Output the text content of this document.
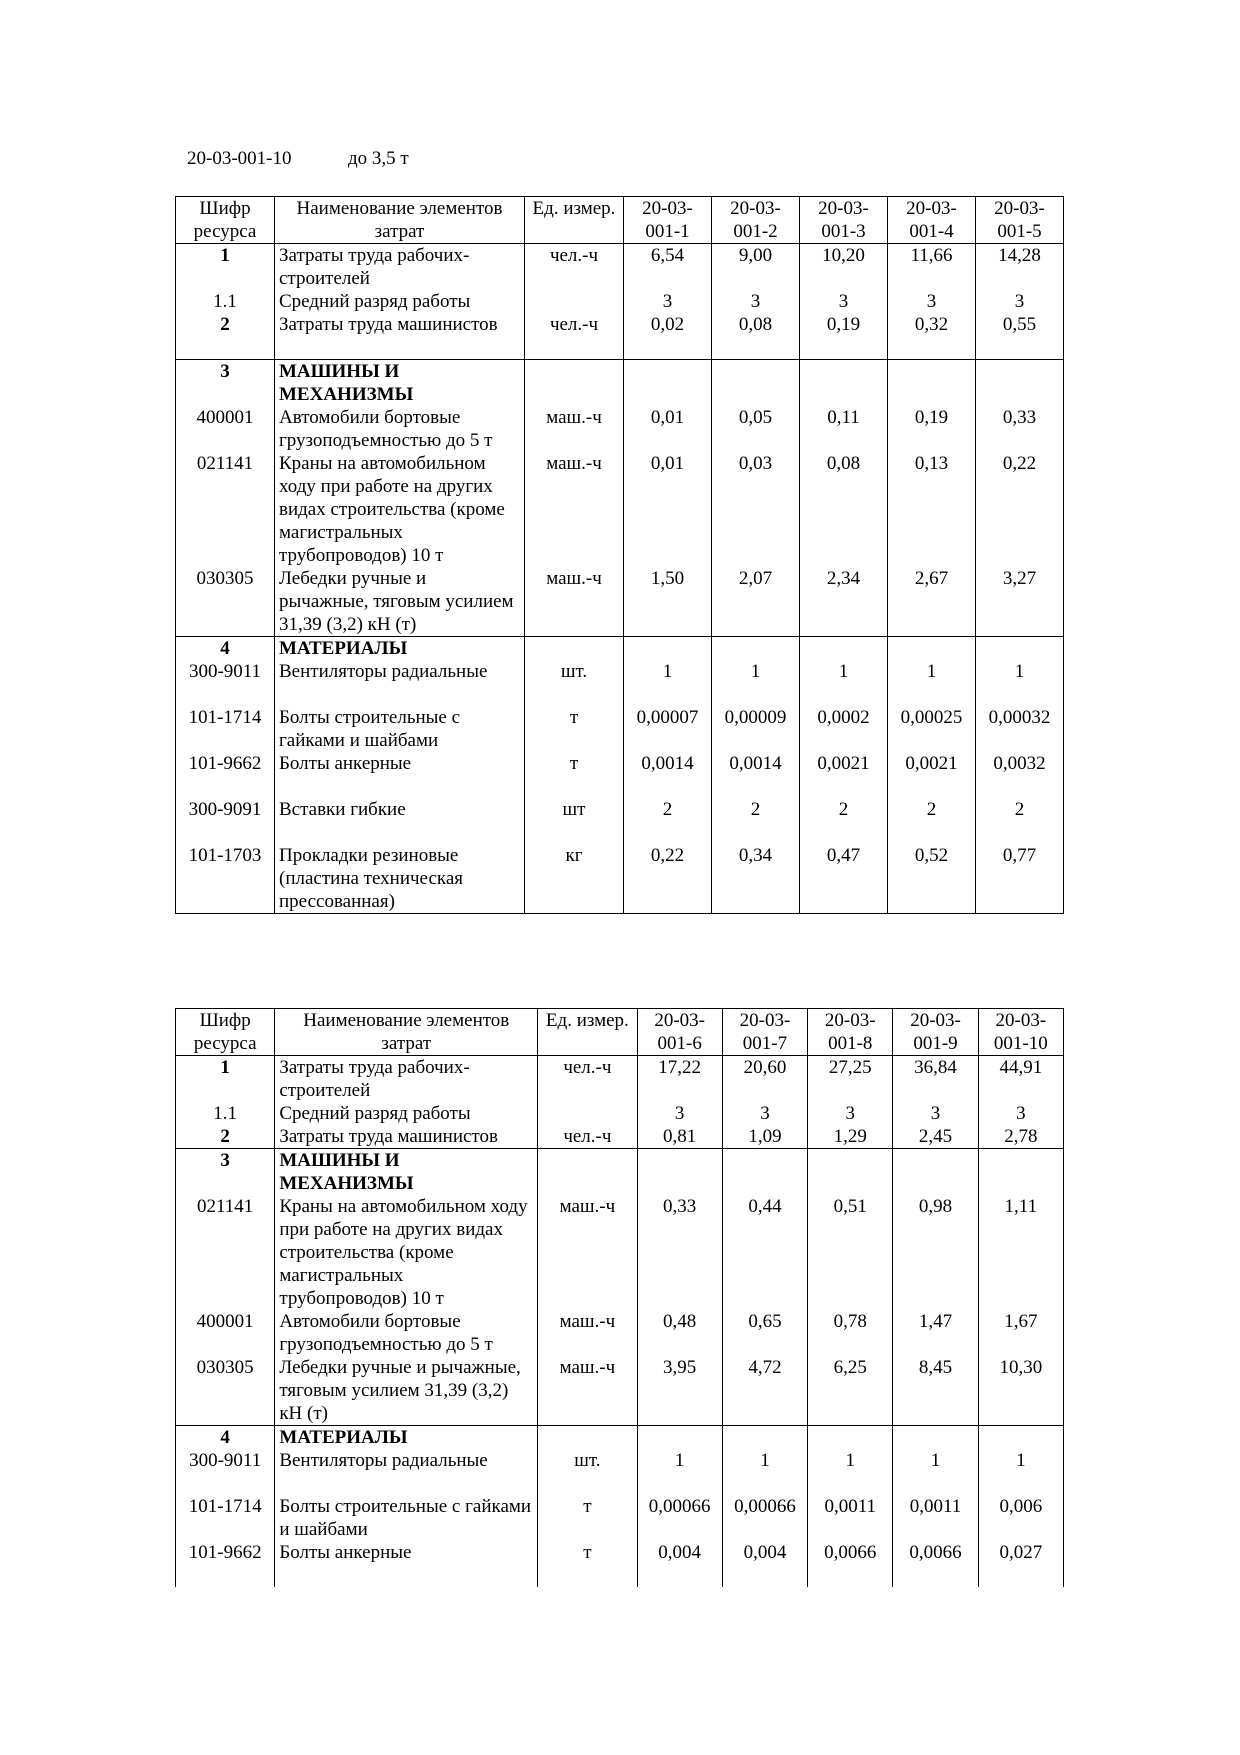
20-03-001-10	до 3,5 т
Шифр ресурса	Наименование элементов затрат	Ед. измер.	20-03-001-1	20-03-001-2	20-03-001-3	20-03-001-4	20-03-001-5
1	Затраты труда рабочих-строителей	чел.-ч	6,54	9,00	10,20	11,66	14,28
1.1	Средний разряд работы		3	3	3	3	3
2	Затраты труда машинистов	чел.-ч	0,02	0,08	0,19	0,32	0,55
3	МАШИНЫ И МЕХАНИЗМЫ						
400001	Автомобили бортовые грузоподъемностью до 5 т	маш.-ч	0,01	0,05	0,11	0,19	0,33
021141	Краны на автомобильном ходу при работе на других видах строительства (кроме магистральных трубопроводов) 10 т	маш.-ч	0,01	0,03	0,08	0,13	0,22
030305	Лебедки ручные и рычажные, тяговым усилием 31,39 (3,2) кН (т)	маш.-ч	1,50	2,07	2,34	2,67	3,27
4	МАТЕРИАЛЫ						
300-9011	Вентиляторы радиальные	шт.	1	1	1	1	1
101-1714	Болты строительные с гайками и шайбами	т	0,00007	0,00009	0,0002	0,00025	0,00032
101-9662	Болты анкерные	т	0,0014	0,0014	0,0021	0,0021	0,0032
300-9091	Вставки гибкие	шт	2	2	2	2	2
101-1703	Прокладки резиновые (пластина техническая прессованная)	кг	0,22	0,34	0,47	0,52	0,77
Шифр ресурса	Наименование элементов затрат	Ед. измер.	20-03-001-6	20-03-001-7	20-03-001-8	20-03-001-9	20-03-001-10
1	Затраты труда рабочих-строителей	чел.-ч	17,22	20,60	27,25	36,84	44,91
1.1	Средний разряд работы		3	3	3	3	3
2	Затраты труда машинистов	чел.-ч	0,81	1,09	1,29	2,45	2,78
3	МАШИНЫ И МЕХАНИЗМЫ						
021141	Краны на автомобильном ходу при работе на других видах строительства (кроме магистральных трубопроводов) 10 т	маш.-ч	0,33	0,44	0,51	0,98	1,11
400001	Автомобили бортовые грузоподъемностью до 5 т	маш.-ч	0,48	0,65	0,78	1,47	1,67
030305	Лебедки ручные и рычажные, тяговым усилием 31,39 (3,2) кН (т)	маш.-ч	3,95	4,72	6,25	8,45	10,30
4	МАТЕРИАЛЫ						
300-9011	Вентиляторы радиальные	шт.	1	1	1	1	1
101-1714	Болты строительные с гайками и шайбами	т	0,00066	0,00066	0,0011	0,0011	0,006
101-9662	Болты анкерные	т	0,004	0,004	0,0066	0,0066	0,027
